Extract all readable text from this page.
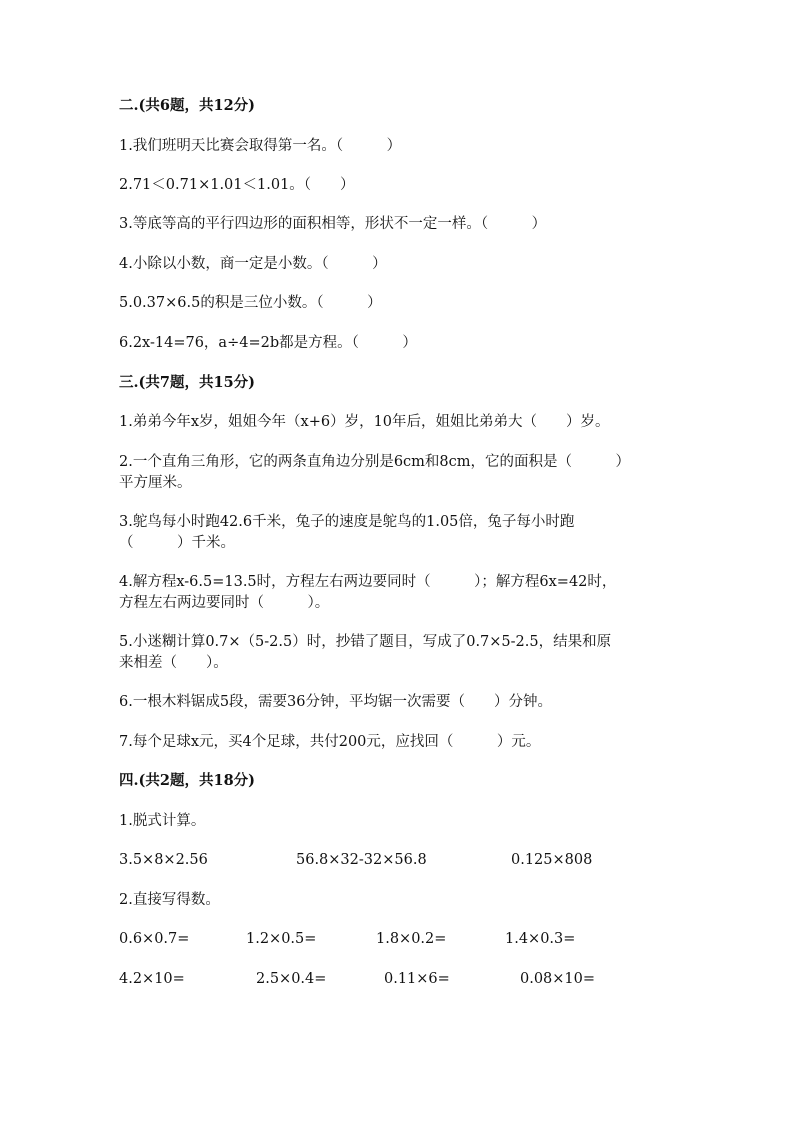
二.(共6题，共12分)
1.我们班明天比赛会取得第一名。（　　　）
2.71＜0.71×1.01＜1.01。（　　）
3.等底等高的平行四边形的面积相等，形状不一定一样。（　　　）
4.小除以小数，商一定是小数。（　　　）
5.0.37×6.5的积是三位小数。（　　　）
6.2x-14=76，a÷4=2b都是方程。（　　　）
三.(共7题，共15分)
1.弟弟今年x岁，姐姐今年（x+6）岁，10年后，姐姐比弟弟大（　　）岁。
2.一个直角三角形，它的两条直角边分别是6cm和8cm，它的面积是（　　　）
平方厘米。
3.鸵鸟每小时跑42.6千米，兔子的速度是鸵鸟的1.05倍，兔子每小时跑
（　　　）千米。
4.解方程x-6.5=13.5时，方程左右两边要同时（　　　）；解方程6x=42时，
方程左右两边要同时（　　　）。
5.小迷糊计算0.7×（5-2.5）时，抄错了题目，写成了0.7×5-2.5，结果和原
来相差（　　）。
6.一根木料锯成5段，需要36分钟，平均锯一次需要（　　）分钟。
7.每个足球x元，买4个足球，共付200元，应找回（　　　）元。
四.(共2题，共18分)
1.脱式计算。
3.5×8×2.56	56.8×32-32×56.8	0.125×808
2.直接写得数。
0.6×0.7=	1.2×0.5=	1.8×0.2=	1.4×0.3=
4.2×10=	2.5×0.4=	0.11×6=	0.08×10=
